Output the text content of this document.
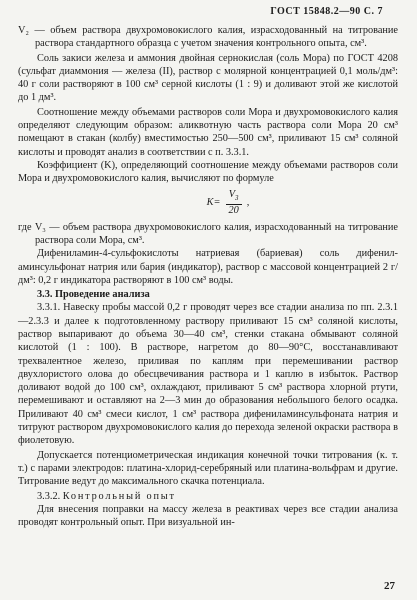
ГОСТ 15848.2—90 С. 7

V₂ — объем раствора двухромовокислого калия, израсходованный на титрование раствора стандартного образца с учетом значения контрольного опыта, см³.

Соль закиси железа и аммония двойная сернокислая (соль Мора) по ГОСТ 4208 (сульфат диаммония — железа (II), раствор с молярной концентрацией 0,1 моль/дм³: 40 г соли растворяют в 100 см³ серной кислоты (1 : 9) и доливают этой же кислотой до 1 дм³.

Соотношение между объемами растворов соли Мора и двухромовокислого калия определяют следующим образом: аликвотную часть раствора соли Мора 20 см³ помещают в стакан (колбу) вместимостью 250—500 см³, приливают 15 см³ соляной кислоты и проводят анализ в соответствии с п. 3.3.1.

Коэффициент (K), определяющий соотношение между объемами растворов соли Мора и двухромовокислого калия, вычисляют по формуле

$K= \frac{V_3}{20}$ ,

где V₃ — объем раствора двухромовокислого калия, израсходованный на титрование раствора соли Мора, см³.

Дифениламин-4-сульфокислоты натриевая (бариевая) соль дифенил-аминсульфонат натрия или бария (индикатор), раствор с массовой концентрацией 2 г/дм³: 0,2 г индикатора растворяют в 100 см³ воды.

3.3. Проведение анализа

3.3.1. Навеску пробы массой 0,2 г проводят через все стадии анализа по пп. 2.3.1—2.3.3 и далее к подготовленному раствору приливают 15 см³ соляной кислоты, раствор выпаривают до объема 30—40 см³, стенки стакана обмывают соляной кислотой (1 : 100). В растворе, нагретом до 80—90°С, восстанавливают трехвалентное железо, приливая по каплям при перемешивании раствор двухлористого олова до обесцвечивания раствора и 1 каплю в избыток. Раствор доливают водой до 100 см³, охлаждают, приливают 5 см³ раствора хлорной ртути, перемешивают и оставляют на 2—3 мин до образования небольшого белого осадка. Приливают 40 см³ смеси кислот, 1 см³ раствора дифениламинсульфоната натрия и титруют раствором двухромовокислого калия до перехода зеленой окраски раствора в фиолетовую.

Допускается потенциометрическая индикация конечной точки титрования (к. т. т.) с парами электродов: платина-хлорид-серебряный или платина-вольфрам и другие. Титрование ведут до максимального скачка потенциала.

3.3.2. Контрольный опыт

Для внесения поправки на массу железа в реактивах через все стадии анализа проводят контрольный опыт. При визуальной ин-

27
